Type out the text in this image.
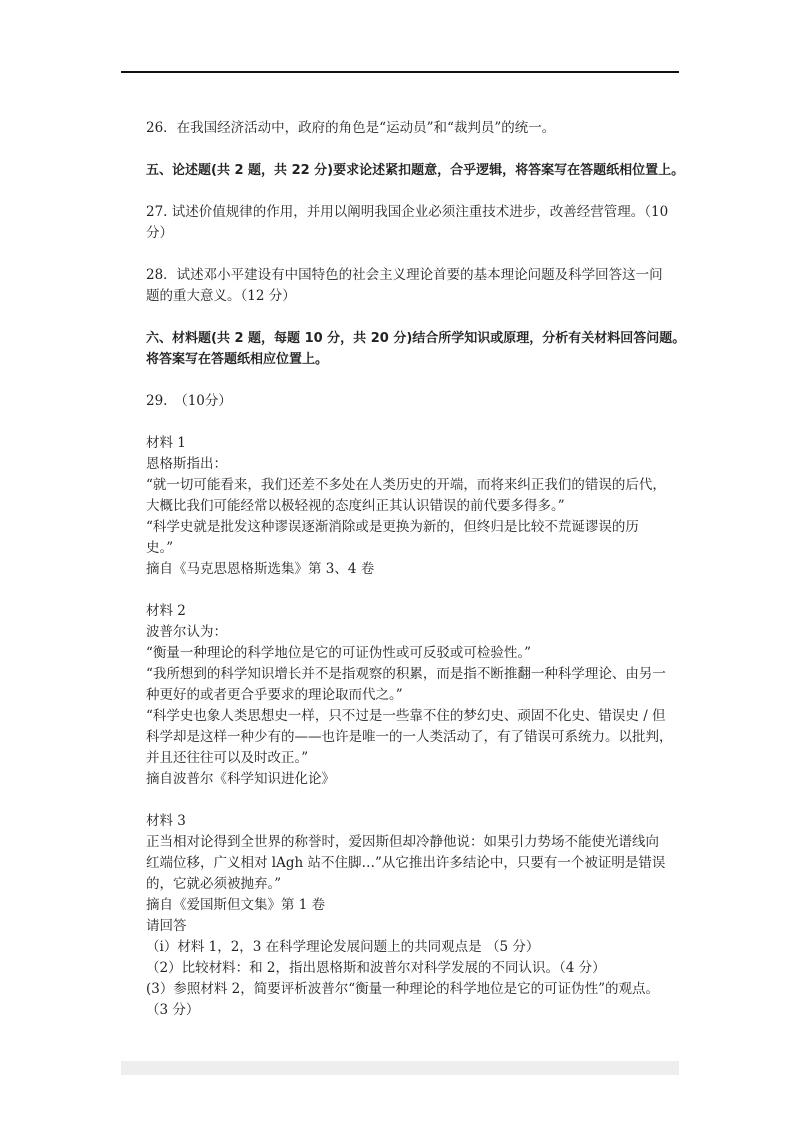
26．在我国经济活动中，政府的角色是“运动员”和“裁判员”的统一。

五、论述题(共 2 题，共 22 分)要求论述紧扣题意，合乎逻辑，将答案写在答题纸相位置上。

27. 试述价值规律的作用，并用以阐明我国企业必须注重技术进步，改善经营管理。（10

分）

28．试述邓小平建设有中国特色的社会主义理论首要的基本理论问题及科学回答这一问

题的重大意义。（12 分）

六、材料题(共 2 题，每题 10 分，共 20 分)结合所学知识或原理，分析有关材料回答问题。

将答案写在答题纸相应位置上。

29.　（10分）

材料 1

恩格斯指出：

“就一切可能看来，我们还差不多处在人类历史的开端，而将来纠正我们的错误的后代，

大概比我们可能经常以极轻视的态度纠正其认识错误的前代要多得多。”

“科学史就是批发这种谬误逐渐消除或是更换为新的，但终归是比较不荒诞谬误的历

史。”

摘自《马克思恩格斯选集》第 3、4 卷

材料 2

波普尔认为：

“衡量一种理论的科学地位是它的可证伪性或可反驳或可检验性。”

“我所想到的科学知识增长并不是指观察的积累，而是指不断推翻一种科学理论、由另一

种更好的或者更合乎要求的理论取而代之。”

“科学史也象人类思想史一样，只不过是一些靠不住的梦幻史、顽固不化史、错误史 / 但

科学却是这样一种少有的——也许是唯一的一人类活动了，有了错误可系统力。以批判，

并且还往往可以及时改正。”

摘自波普尔《科学知识进化论》

材料 3

正当相对论得到全世界的称誉时，爱因斯但却冷静他说：如果引力势场不能使光谱线向

红端位移，广义相对 lAgh 站不住脚…”从它推出许多结论中，只要有一个被证明是错误

的，它就必须被抛弃。”

摘自《爱国斯但文集》第 1 卷

请回答

（i）材料 1，2，3 在科学理论发展问题上的共同观点是 （5 分）

（2）比较材料：和 2，指出恩格斯和波普尔对科学发展的不同认识。（4 分）

(3）参照材料 2，简要评析波普尔“衡量一种理论的科学地位是它的可证伪性”的观点。

（3 分）
